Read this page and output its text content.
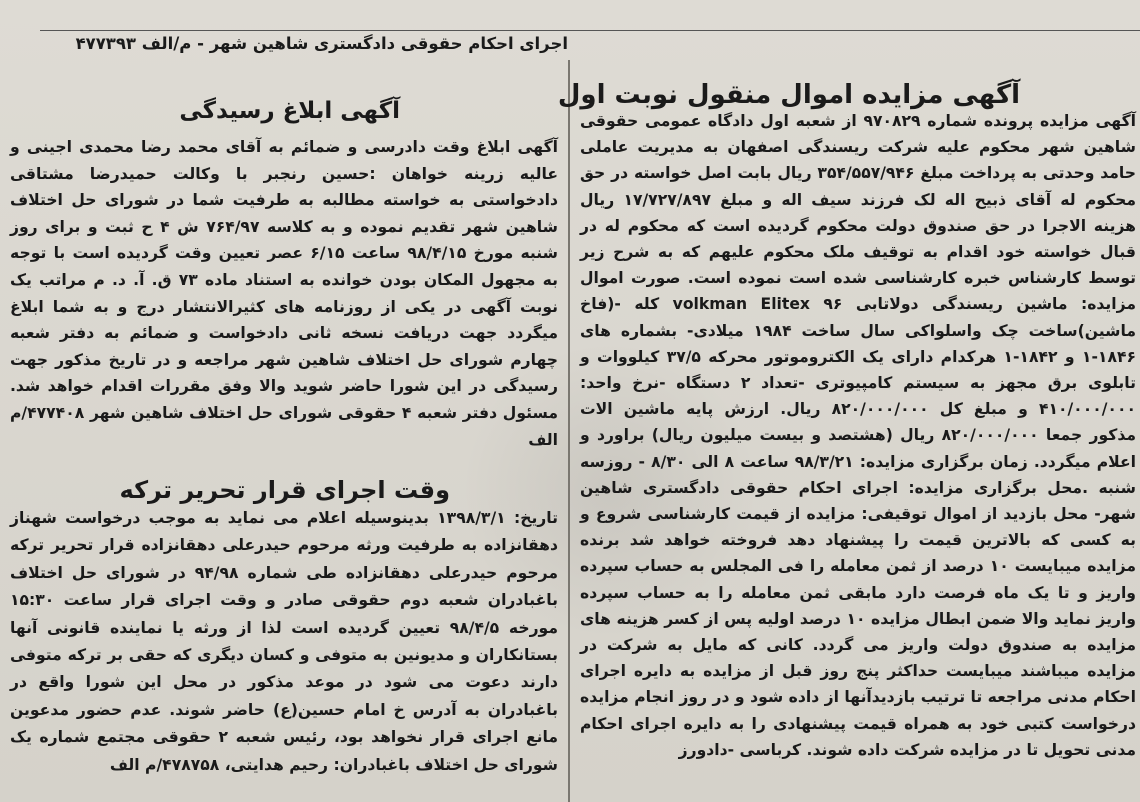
اجرای احکام حقوقی دادگستری شاهین شهر - م/الف ۴۷۷۳۹۳
آگهی مزایده اموال منقول نوبت اول

آگهی مزایده پرونده شماره ۹۷۰۸۲۹ از شعبه اول دادگاه عمومی حقوقی شاهین شهر محکوم علیه شرکت ریسندگی اصفهان به مدیریت عاملی حامد وحدتی به پرداخت مبلغ ۳۵۴/۵۵۷/۹۴۶ ریال بابت اصل خواسته در حق محکوم له آقای ذبیح اله لک فرزند سیف اله و مبلغ ۱۷/۷۲۷/۸۹۷ ریال هزینه الاجرا در حق صندوق دولت محکوم گردیده است که محکوم له در قبال خواسته خود اقدام به توقیف ملک محکوم علیهم که به شرح زیر توسط کارشناس خبره کارشناسی شده است نموده است. صورت اموال مزایده: ماشین ریسندگی دولاتابی volkman Elitex ۹۶ کله -(فاخ ماشین)ساخت چک واسلواکی سال ساخت ۱۹۸۴ میلادی- بشماره های ۱۸۴۶-۱ و ۱۸۴۲-۱ هرکدام دارای یک الکتروموتور محرکه ۳۷/۵ کیلووات و تابلوی برق مجهز به سیستم کامپیوتری -تعداد ۲ دستگاه -نرخ واحد: ۴۱۰/۰۰۰/۰۰۰ و مبلغ کل ۸۲۰/۰۰۰/۰۰۰ ریال. ارزش پایه ماشین الات مذکور جمعا ۸۲۰/۰۰۰/۰۰۰ ریال (هشتصد و بیست میلیون ریال) براورد و اعلام میگردد. زمان برگزاری مزایده: ۹۸/۳/۲۱ ساعت ۸ الی ۸/۳۰ - روزسه شنبه .محل برگزاری مزایده: اجرای احکام حقوقی دادگستری شاهین شهر- محل بازدید از اموال توقیفی: مزایده از قیمت کارشناسی شروع و به کسی که بالاترین قیمت را پیشنهاد دهد فروخته خواهد شد برنده مزایده میبایست ۱۰ درصد از ثمن معامله را فی المجلس به حساب سپرده واریز و تا یک ماه فرصت دارد مابقی ثمن معامله را به حساب سپرده واریز نماید والا ضمن ابطال مزایده ۱۰ درصد اولیه پس از کسر هزینه های مزایده به صندوق دولت واریز می گردد. کانی که مایل به شرکت در مزایده میباشند میبایست حداکثر پنج روز قبل از مزایده به دایره اجرای احکام مدنی مراجعه تا ترتیب بازدیدآنها از داده شود و در روز انجام مزایده درخواست کتبی خود به همراه قیمت پیشنهادی را به دایره اجرای احکام مدنی تحویل تا در مزایده شرکت داده شوند. کرباسی -دادورز

آگهی ابلاغ رسیدگی

آگهی ابلاغ وقت دادرسی و ضمائم به آقای محمد رضا محمدی اجینی و عالیه زرینه خواهان :حسین رنجبر با وکالت حمیدرضا مشتاقی دادخواستی به خواسته مطالبه به طرفیت شما در شورای حل اختلاف شاهین شهر تقدیم نموده و به کلاسه ۷۶۴/۹۷ ش ۴ ح ثبت و برای روز شنبه مورخ ۹۸/۴/۱۵ ساعت ۶/۱۵ عصر تعیین وقت گردیده است با توجه به مجهول المکان بودن خوانده به استناد ماده ۷۳ ق. آ. د. م مراتب یک نوبت آگهی در یکی از روزنامه های کثیرالانتشار درج و به شما ابلاغ میگردد جهت دریافت نسخه ثانی دادخواست و ضمائم به دفتر شعبه چهارم شورای حل اختلاف شاهین شهر مراجعه و در تاریخ مذکور جهت رسیدگی در این شورا حاضر شوید والا وفق مقررات اقدام خواهد شد. مسئول دفتر شعبه ۴ حقوقی شورای حل اختلاف شاهین شهر ۴۷۷۴۰۸/م الف

وقت اجرای قرار تحریر ترکه

تاریخ: ۱۳۹۸/۳/۱ بدینوسیله اعلام می نماید به موجب درخواست شهناز دهقانزاده به طرفیت ورثه مرحوم حیدرعلی دهقانزاده قرار تحریر ترکه مرحوم حیدرعلی دهقانزاده طی شماره ۹۴/۹۸ در شورای حل اختلاف باغبادران شعبه دوم حقوقی صادر و وقت اجرای قرار ساعت ۱۵:۳۰ مورخه ۹۸/۴/۵ تعیین گردیده است لذا از ورثه یا نماینده قانونی آنها بستانکاران و مدیونین به متوفی و کسان دیگری که حقی بر ترکه متوفی دارند دعوت می شود در موعد مذکور در محل این شورا واقع در باغبادران به آدرس خ امام حسین(ع) حاضر شوند. عدم حضور مدعوین مانع اجرای قرار نخواهد بود، رئیس شعبه ۲ حقوقی مجتمع شماره یک شورای حل اختلاف باغبادران: رحیم هدایتی، ۴۷۸۷۵۸/م الف
